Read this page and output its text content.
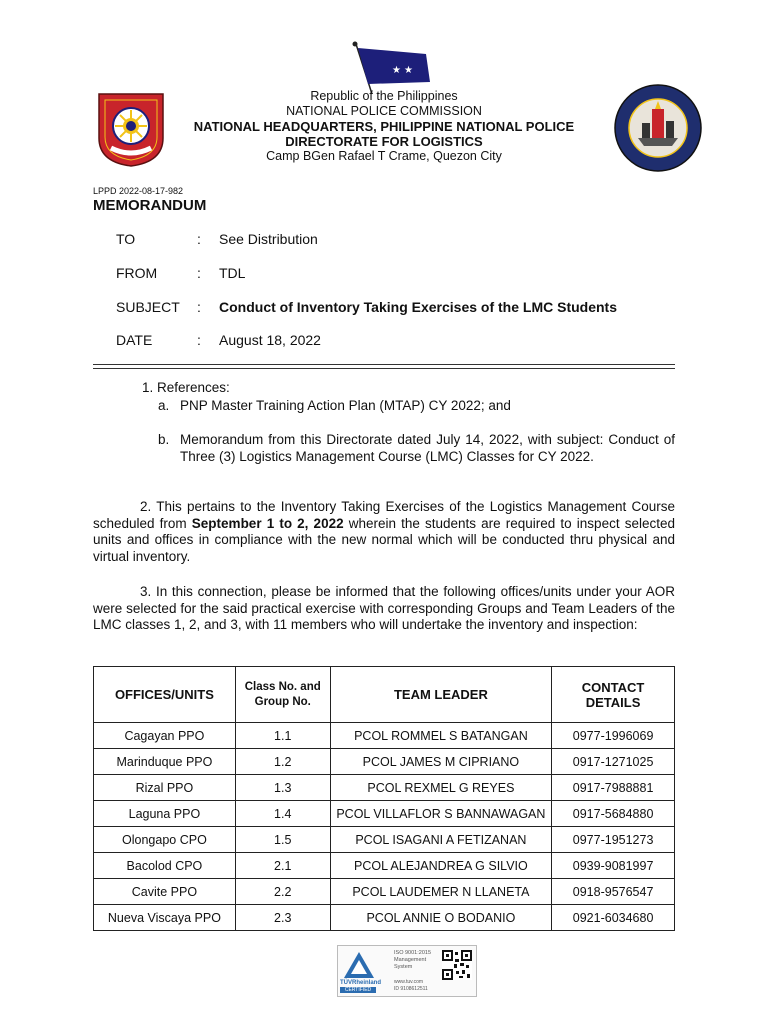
★ ★
Republic of the Philippines
NATIONAL POLICE COMMISSION
NATIONAL HEADQUARTERS, PHILIPPINE NATIONAL POLICE
DIRECTORATE FOR LOGISTICS
Camp BGen Rafael T Crame, Quezon City
LPPD 2022-08-17-982
MEMORANDUM
TO	: See Distribution
FROM	: TDL
SUBJECT : Conduct of Inventory Taking Exercises of the LMC Students
DATE	: August 18, 2022
1. References:
a. PNP Master Training Action Plan (MTAP) CY 2022; and
b. Memorandum from this Directorate dated July 14, 2022, with subject: Conduct of Three (3) Logistics Management Course (LMC) Classes for CY 2022.
2. This pertains to the Inventory Taking Exercises of the Logistics Management Course scheduled from September 1 to 2, 2022 wherein the students are required to inspect selected units and offices in compliance with the new normal which will be conducted thru physical and virtual inventory.
3. In this connection, please be informed that the following offices/units under your AOR were selected for the said practical exercise with corresponding Groups and Team Leaders of the LMC classes 1, 2, and 3, with 11 members who will undertake the inventory and inspection:
OFFICES/UNITS	Class No. and
Group No.	TEAM LEADER	CONTACT
DETAILS
Cagayan PPO	1.1	PCOL ROMMEL S BATANGAN	0977-1996069
Marinduque PPO	1.2	PCOL JAMES M CIPRIANO	0917-1271025
Rizal PPO	1.3	PCOL REXMEL G REYES	0917-7988881
Laguna PPO	1.4	PCOL VILLAFLOR S BANNAWAGAN	0917-5684880
Olongapo CPO	1.5	PCOL ISAGANI A FETIZANAN	0977-1951273
Bacolod CPO	2.1	PCOL ALEJANDREA G SILVIO	0939-9081997
Cavite PPO	2.2	PCOL LAUDEMER N LLANETA	0918-9576547
Nueva Viscaya PPO	2.3	PCOL ANNIE O BODANIO	0921-6034680
TÜVRheinland
CERTIFIED
ISO 9001:2015
Management
System
www.tuv.com
ID 9108612511
